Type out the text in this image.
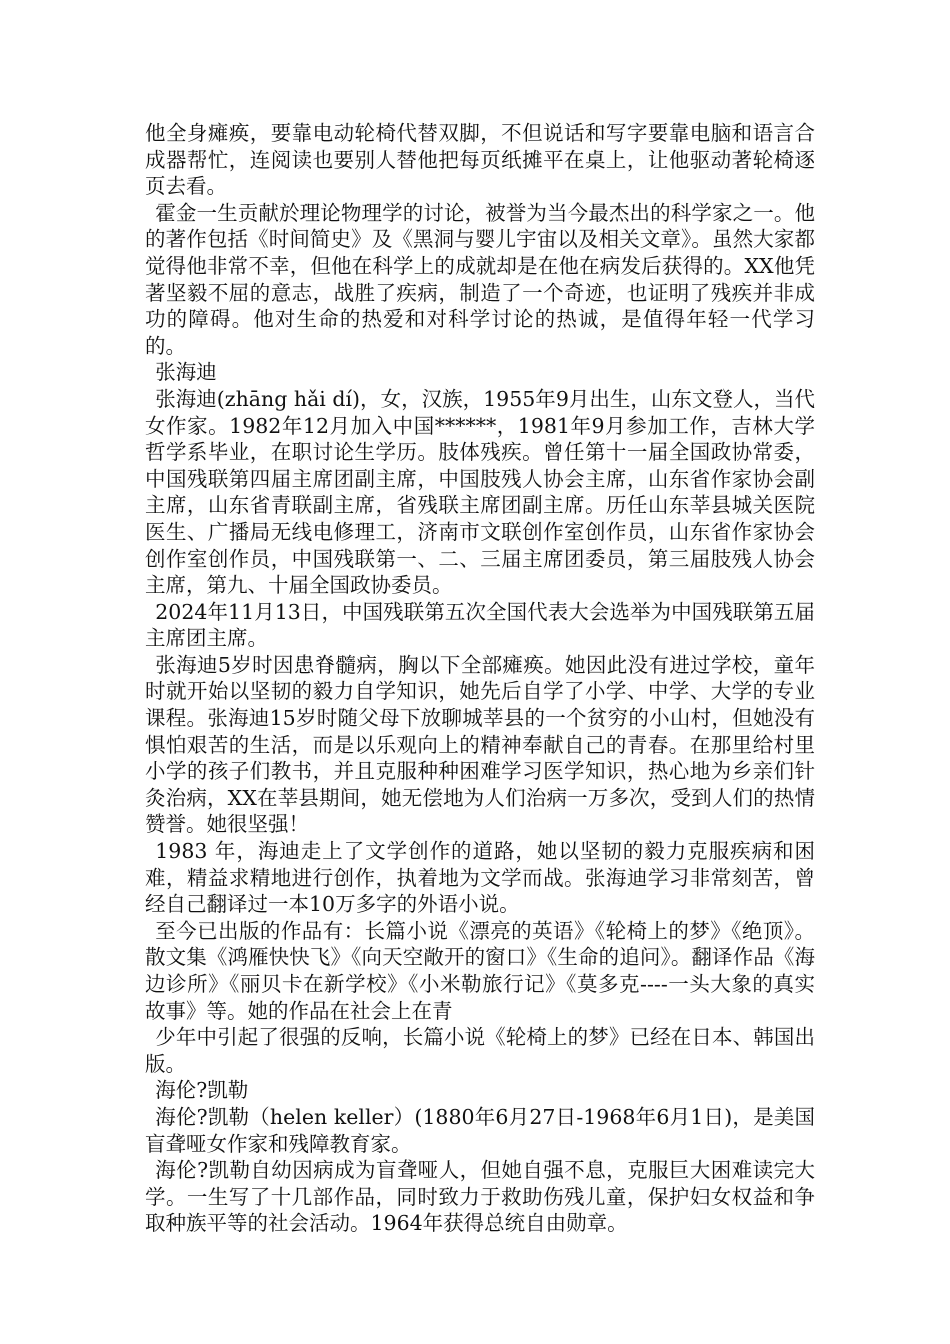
他全身瘫痪，要靠电动轮椅代替双脚，不但说话和写字要靠电脑和语言合成器帮忙，连阅读也要别人替他把每页纸摊平在桌上，让他驱动著轮椅逐页去看。

霍金一生贡献於理论物理学的讨论，被誉为当今最杰出的科学家之一。他的著作包括《时间简史》及《黑洞与婴儿宇宙以及相关文章》。虽然大家都觉得他非常不幸，但他在科学上的成就却是在他在病发后获得的。XX他凭著坚毅不屈的意志，战胜了疾病，制造了一个奇迹，也证明了残疾并非成功的障碍。他对生命的热爱和对科学讨论的热诚，是值得年轻一代学习的。

张海迪

张海迪(zhāng hǎi dí)，女，汉族，1955年9月出生，山东文登人，当代女作家。1982年12月加入中国******，1981年9月参加工作，吉林大学哲学系毕业，在职讨论生学历。肢体残疾。曾任第十一届全国政协常委，中国残联第四届主席团副主席，中国肢残人协会主席，山东省作家协会副主席，山东省青联副主席，省残联主席团副主席。历任山东莘县城关医院医生、广播局无线电修理工，济南市文联创作室创作员，山东省作家协会创作室创作员，中国残联第一、二、三届主席团委员，第三届肢残人协会主席，第九、十届全国政协委员。

2024年11月13日，中国残联第五次全国代表大会选举为中国残联第五届主席团主席。

张海迪5岁时因患脊髓病，胸以下全部瘫痪。她因此没有进过学校，童年时就开始以坚韧的毅力自学知识，她先后自学了小学、中学、大学的专业课程。张海迪15岁时随父母下放聊城莘县的一个贫穷的小山村，但她没有惧怕艰苦的生活，而是以乐观向上的精神奉献自己的青春。在那里给村里小学的孩子们教书，并且克服种种困难学习医学知识，热心地为乡亲们针灸治病，XX在莘县期间，她无偿地为人们治病一万多次，受到人们的热情赞誉。她很坚强！

1983 年，海迪走上了文学创作的道路，她以坚韧的毅力克服疾病和困难，精益求精地进行创作，执着地为文学而战。张海迪学习非常刻苦，曾经自己翻译过一本10万多字的外语小说。

至今已出版的作品有：长篇小说《漂亮的英语》《轮椅上的梦》《绝顶》。散文集《鸿雁快快飞》《向天空敞开的窗口》《生命的追问》。翻译作品《海边诊所》《丽贝卡在新学校》《小米勒旅行记》《莫多克----一头大象的真实故事》等。她的作品在社会上在青

少年中引起了很强的反响，长篇小说《轮椅上的梦》已经在日本、韩国出版。

海伦?凯勒

海伦?凯勒（helen keller）(1880年6月27日-1968年6月1日)，是美国盲聋哑女作家和残障教育家。

海伦?凯勒自幼因病成为盲聋哑人，但她自强不息，克服巨大困难读完大学。一生写了十几部作品，同时致力于救助伤残儿童，保护妇女权益和争取种族平等的社会活动。1964年获得总统自由勋章。
